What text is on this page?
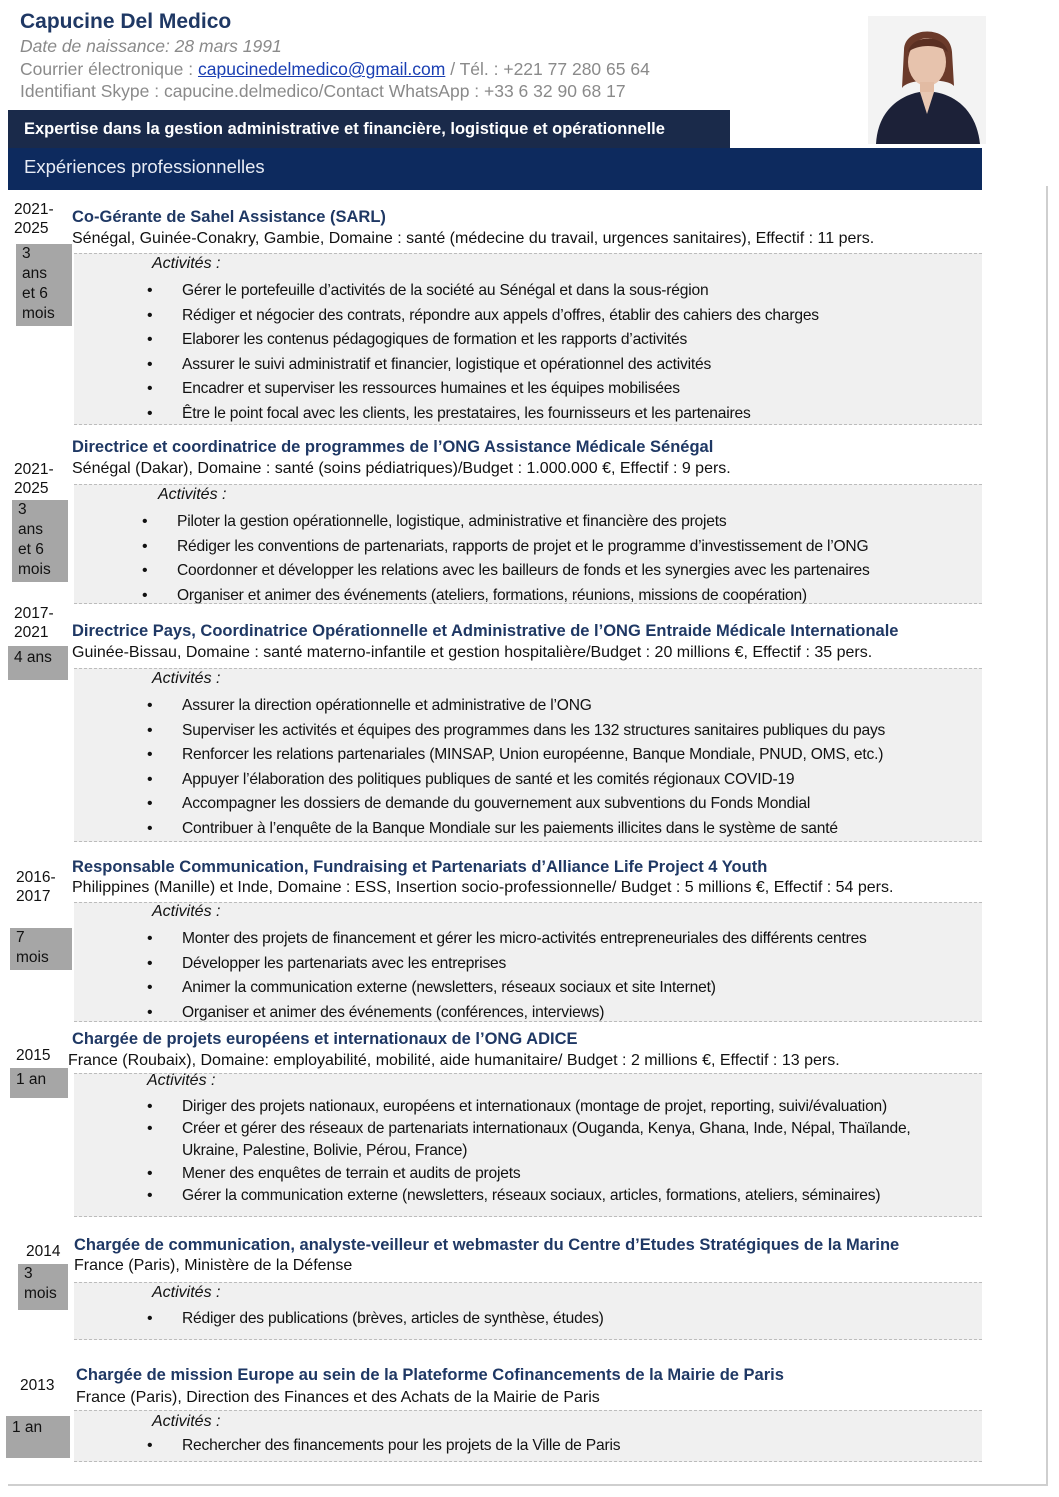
Capucine Del Medico
Date de naissance: 28 mars 1991
Courrier électronique : capucinedelmedico@gmail.com / Tél. : +221 77 280 65 64
Identifiant Skype : capucine.delmedico/Contact WhatsApp : +33 6 32 90 68 17
Expertise dans la gestion administrative et financière, logistique et opérationnelle
Expériences professionnelles
2021-
2025
3
ans
et 6
mois
Co-Gérante de Sahel Assistance (SARL)
Sénégal, Guinée-Conakry, Gambie, Domaine : santé (médecine du travail, urgences sanitaires), Effectif : 11 pers.
Activités :
• Gérer le portefeuille d’activités de la société au Sénégal et dans la sous-région
• Rédiger et négocier des contrats, répondre aux appels d’offres, établir des cahiers des charges
• Elaborer les contenus pédagogiques de formation et les rapports d’activités
• Assurer le suivi administratif et financier, logistique et opérationnel des activités
• Encadrer et superviser les ressources humaines et les équipes mobilisées
• Être le point focal avec les clients, les prestataires, les fournisseurs et les partenaires
Directrice et coordinatrice de programmes de l’ONG Assistance Médicale Sénégal
2021-
2025
3
ans
et 6
mois
Sénégal (Dakar), Domaine : santé (soins pédiatriques)/Budget : 1.000.000 €, Effectif : 9 pers.
Activités :
• Piloter la gestion opérationnelle, logistique, administrative et financière des projets
• Rédiger les conventions de partenariats, rapports de projet et le programme d’investissement de l’ONG
• Coordonner et développer les relations avec les bailleurs de fonds et les synergies avec les partenaires
• Organiser et animer des événements (ateliers, formations, réunions, missions de coopération)
2017-
2021
4 ans
Directrice Pays, Coordinatrice Opérationnelle et Administrative de l’ONG Entraide Médicale Internationale
Guinée-Bissau, Domaine : santé materno-infantile et gestion hospitalière/Budget : 20 millions €, Effectif : 35 pers.
Activités :
• Assurer la direction opérationnelle et administrative de l’ONG
• Superviser les activités et équipes des programmes dans les 132 structures sanitaires publiques du pays
• Renforcer les relations partenariales (MINSAP, Union européenne, Banque Mondiale, PNUD, OMS, etc.)
• Appuyer l’élaboration des politiques publiques de santé et les comités régionaux COVID-19
• Accompagner les dossiers de demande du gouvernement aux subventions du Fonds Mondial
• Contribuer à l’enquête de la Banque Mondiale sur les paiements illicites dans le système de santé
2016-
2017
7
mois
Responsable Communication, Fundraising et Partenariats d’Alliance Life Project 4 Youth
Philippines (Manille) et Inde, Domaine : ESS, Insertion socio-professionnelle/ Budget : 5 millions €, Effectif : 54 pers.
Activités :
• Monter des projets de financement et gérer les micro-activités entrepreneuriales des différents centres
• Développer les partenariats avec les entreprises
• Animer la communication externe (newsletters, réseaux sociaux et site Internet)
• Organiser et animer des événements (conférences, interviews)
2015
1 an
Chargée de projets européens et internationaux de l’ONG ADICE
France (Roubaix), Domaine: employabilité, mobilité, aide humanitaire/ Budget : 2 millions €, Effectif : 13 pers.
Activités :
• Diriger des projets nationaux, européens et internationaux (montage de projet, reporting, suivi/évaluation)
• Créer et gérer des réseaux de partenariats internationaux (Ouganda, Kenya, Ghana, Inde, Népal, Thaïlande, Ukraine, Palestine, Bolivie, Pérou, France)
• Mener des enquêtes de terrain et audits de projets
• Gérer la communication externe (newsletters, réseaux sociaux, articles, formations, ateliers, séminaires)
2014
3
mois
Chargée de communication, analyste-veilleur et webmaster du Centre d’Etudes Stratégiques de la Marine
France (Paris), Ministère de la Défense
Activités :
• Rédiger des publications (brèves, articles de synthèse, études)
2013
1 an
Chargée de mission Europe au sein de la Plateforme Cofinancements de la Mairie de Paris
France (Paris), Direction des Finances et des Achats de la Mairie de Paris
Activités :
• Rechercher des financements pour les projets de la Ville de Paris
